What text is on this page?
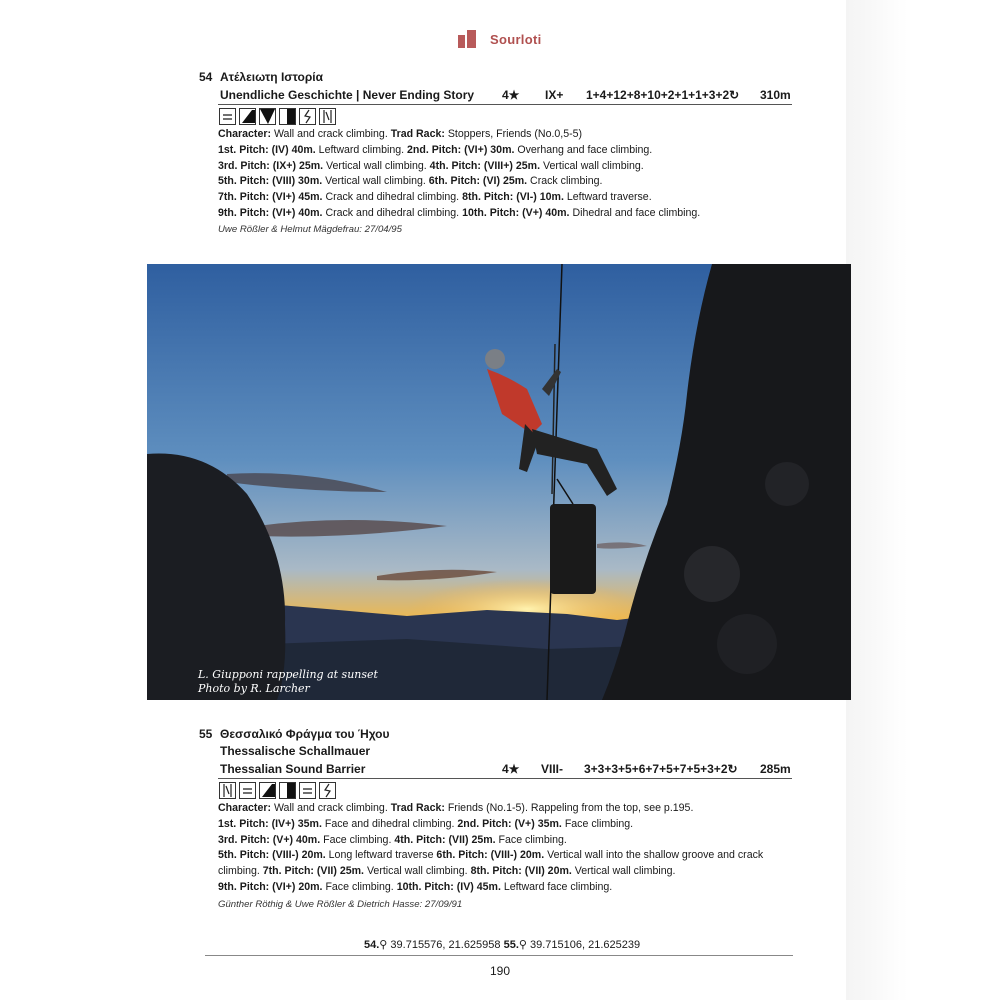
Sourloti
54 Ατέλειωτη Ιστορία
Unendliche Geschichte | Never Ending Story 4★ IX+ 1+4+12+8+10+2+1+1+3+2↻ 310m
Character: Wall and crack climbing. Trad Rack: Stoppers, Friends (No.0,5-5)
1st. Pitch: (IV) 40m. Leftward climbing. 2nd. Pitch: (VI+) 30m. Overhang and face climbing.
3rd. Pitch: (IX+) 25m. Vertical wall climbing. 4th. Pitch: (VIII+) 25m. Vertical wall climbing.
5th. Pitch: (VIII) 30m. Vertical wall climbing. 6th. Pitch: (VI) 25m. Crack climbing.
7th. Pitch: (VI+) 45m. Crack and dihedral climbing. 8th. Pitch: (VI-) 10m. Leftward traverse.
9th. Pitch: (VI+) 40m. Crack and dihedral climbing. 10th. Pitch: (V+) 40m. Dihedral and face climbing.
Uwe Rößler & Helmut Mägdefrau: 27/04/95
L. Giupponi rappelling at sunset
Photo by R. Larcher
55 Θεσσαλικό Φράγμα του Ήχου
Thessalische Schallmauer
Thessalian Sound Barrier	4★ VIII- 3+3+3+5+6+7+5+7+5+3+2↻ 285m
Character: Wall and crack climbing. Trad Rack: Friends (No.1-5). Rappeling from the top, see p.195.
1st. Pitch: (IV+) 35m. Face and dihedral climbing. 2nd. Pitch: (V+) 35m. Face climbing.
3rd. Pitch: (V+) 40m. Face climbing. 4th. Pitch: (VII) 25m. Face climbing.
5th. Pitch: (VIII-) 20m. Long leftward traverse 6th. Pitch: (VIII-) 20m. Vertical wall into the shallow groove and crack
climbing. 7th. Pitch: (VII) 25m. Vertical wall climbing. 8th. Pitch: (VII) 20m. Vertical wall climbing.
9th. Pitch: (VI+) 20m. Face climbing. 10th. Pitch: (IV) 45m. Leftward face climbing.
Günther Röthig & Uwe Rößler & Dietrich Hasse: 27/09/91
54.⚲ 39.715576, 21.625958 55.⚲ 39.715106, 21.625239
190
